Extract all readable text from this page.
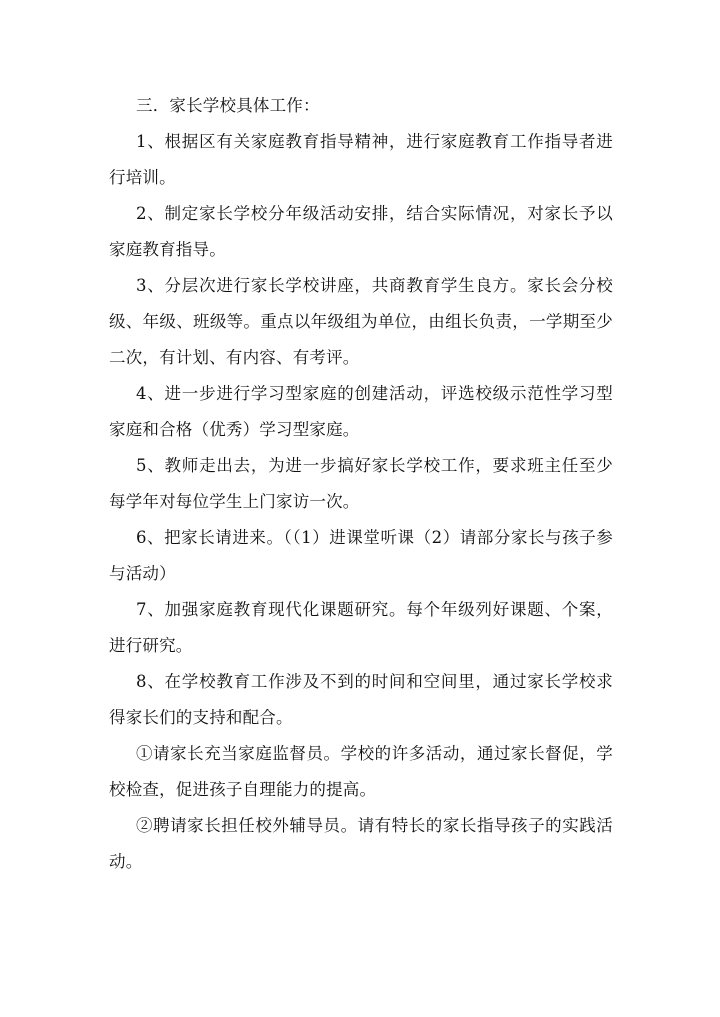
三．家长学校具体工作：

1、根据区有关家庭教育指导精神，进行家庭教育工作指导者进行培训。

2、制定家长学校分年级活动安排，结合实际情况，对家长予以家庭教育指导。

3、分层次进行家长学校讲座，共商教育学生良方。家长会分校级、年级、班级等。重点以年级组为单位，由组长负责，一学期至少二次，有计划、有内容、有考评。

4、进一步进行学习型家庭的创建活动，评选校级示范性学习型家庭和合格（优秀）学习型家庭。

5、教师走出去，为进一步搞好家长学校工作，要求班主任至少每学年对每位学生上门家访一次。

6、把家长请进来。（（1）进课堂听课（2）请部分家长与孩子参与活动）

7、加强家庭教育现代化课题研究。每个年级列好课题、个案，进行研究。

8、在学校教育工作涉及不到的时间和空间里，通过家长学校求得家长们的支持和配合。

①请家长充当家庭监督员。学校的许多活动，通过家长督促，学校检查，促进孩子自理能力的提高。

②聘请家长担任校外辅导员。请有特长的家长指导孩子的实践活动。
